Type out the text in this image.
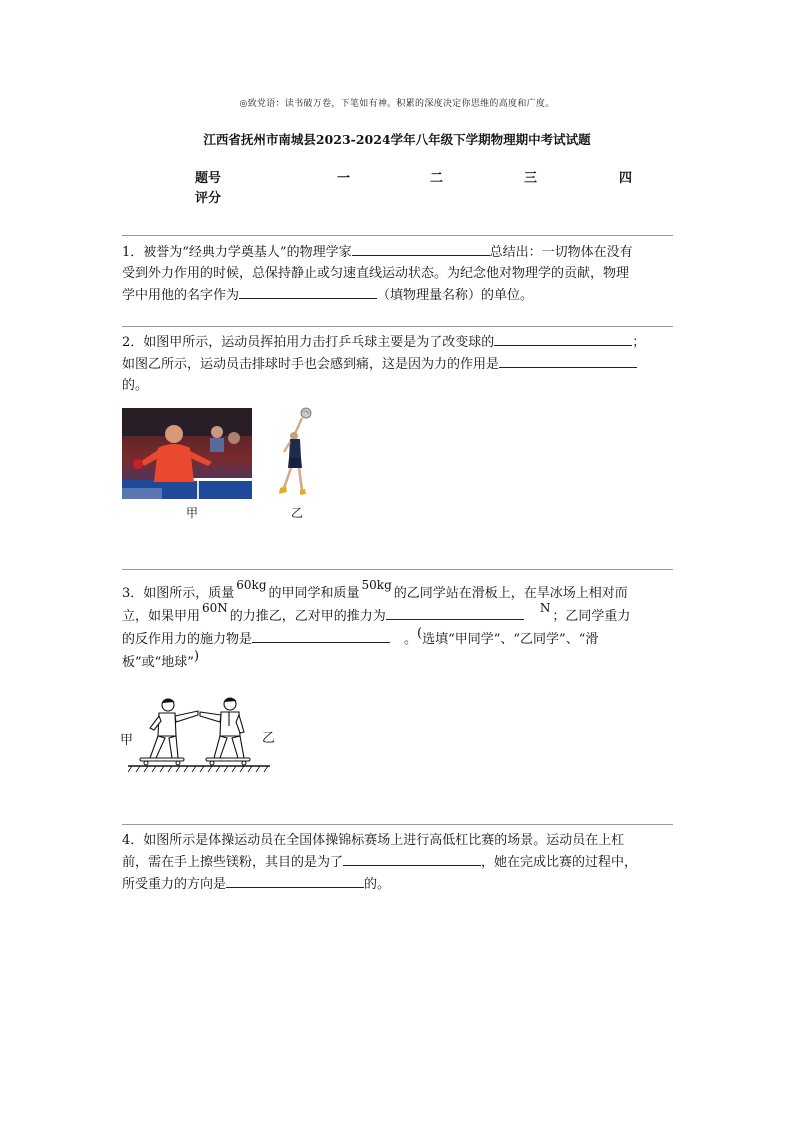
◎致党语：读书破万卷，下笔如有神。积累的深度决定你思维的高度和广度。
江西省抚州市南城县2023-2024学年八年级下学期物理期中考试试题
题号	一	二	三	四
评分
1．被誉为“经典力学奠基人”的物理学家	总结出：一切物体在没有
受到外力作用的时候，总保持静止或匀速直线运动状态。为纪念他对物理学的贡献，物理
学中用他的名字作为	（填物理量名称）的单位。
2．如图甲所示，运动员挥拍用力击打乒乓球主要是为了改变球的	；
如图乙所示，运动员击排球时手也会感到痛，这是因为力的作用是
的。
甲	乙
3．如图所示，质量60kg的甲同学和质量50kg的乙同学站在滑板上，在旱冰场上相对而
立，如果甲用60N的力推乙，乙对甲的推力为N；乙同学重力
的反作用力的施力物是	。(选填“甲同学”、“乙同学”、“滑
板”或“地球”)
甲	乙
4．如图所示是体操运动员在全国体操锦标赛场上进行高低杠比赛的场景。运动员在上杠
前，需在手上擦些镁粉，其目的是为了	，她在完成比赛的过程中，
所受重力的方向是	的。
